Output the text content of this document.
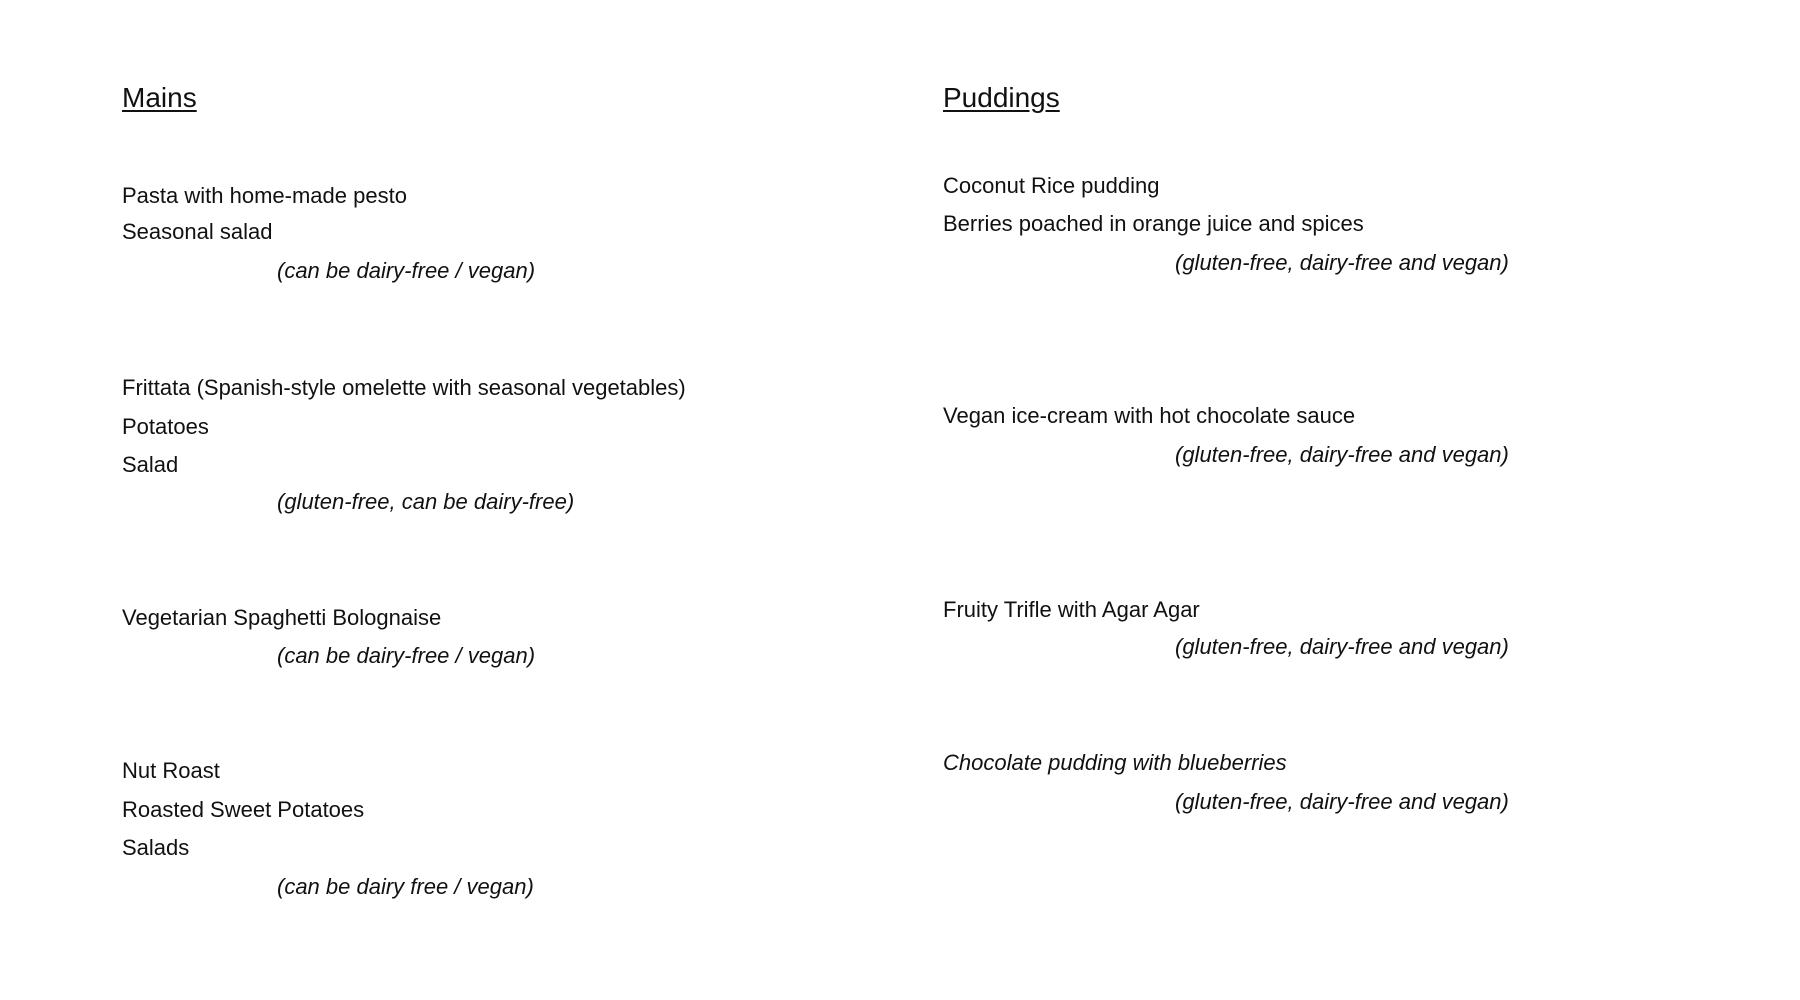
Mains
Pasta with home-made pesto
Seasonal salad
(can be dairy-free / vegan)
Frittata (Spanish-style omelette with seasonal vegetables)
Potatoes
Salad
(gluten-free, can be dairy-free)
Vegetarian Spaghetti Bolognaise
(can be dairy-free / vegan)
Nut Roast
Roasted Sweet Potatoes
Salads
(can be dairy free / vegan)
Puddings
Coconut Rice pudding
Berries poached in orange juice and spices
(gluten-free, dairy-free and vegan)
Vegan ice-cream with hot chocolate sauce
(gluten-free, dairy-free and vegan)
Fruity Trifle with Agar Agar
(gluten-free, dairy-free and vegan)
Chocolate pudding with blueberries
(gluten-free, dairy-free and vegan)
